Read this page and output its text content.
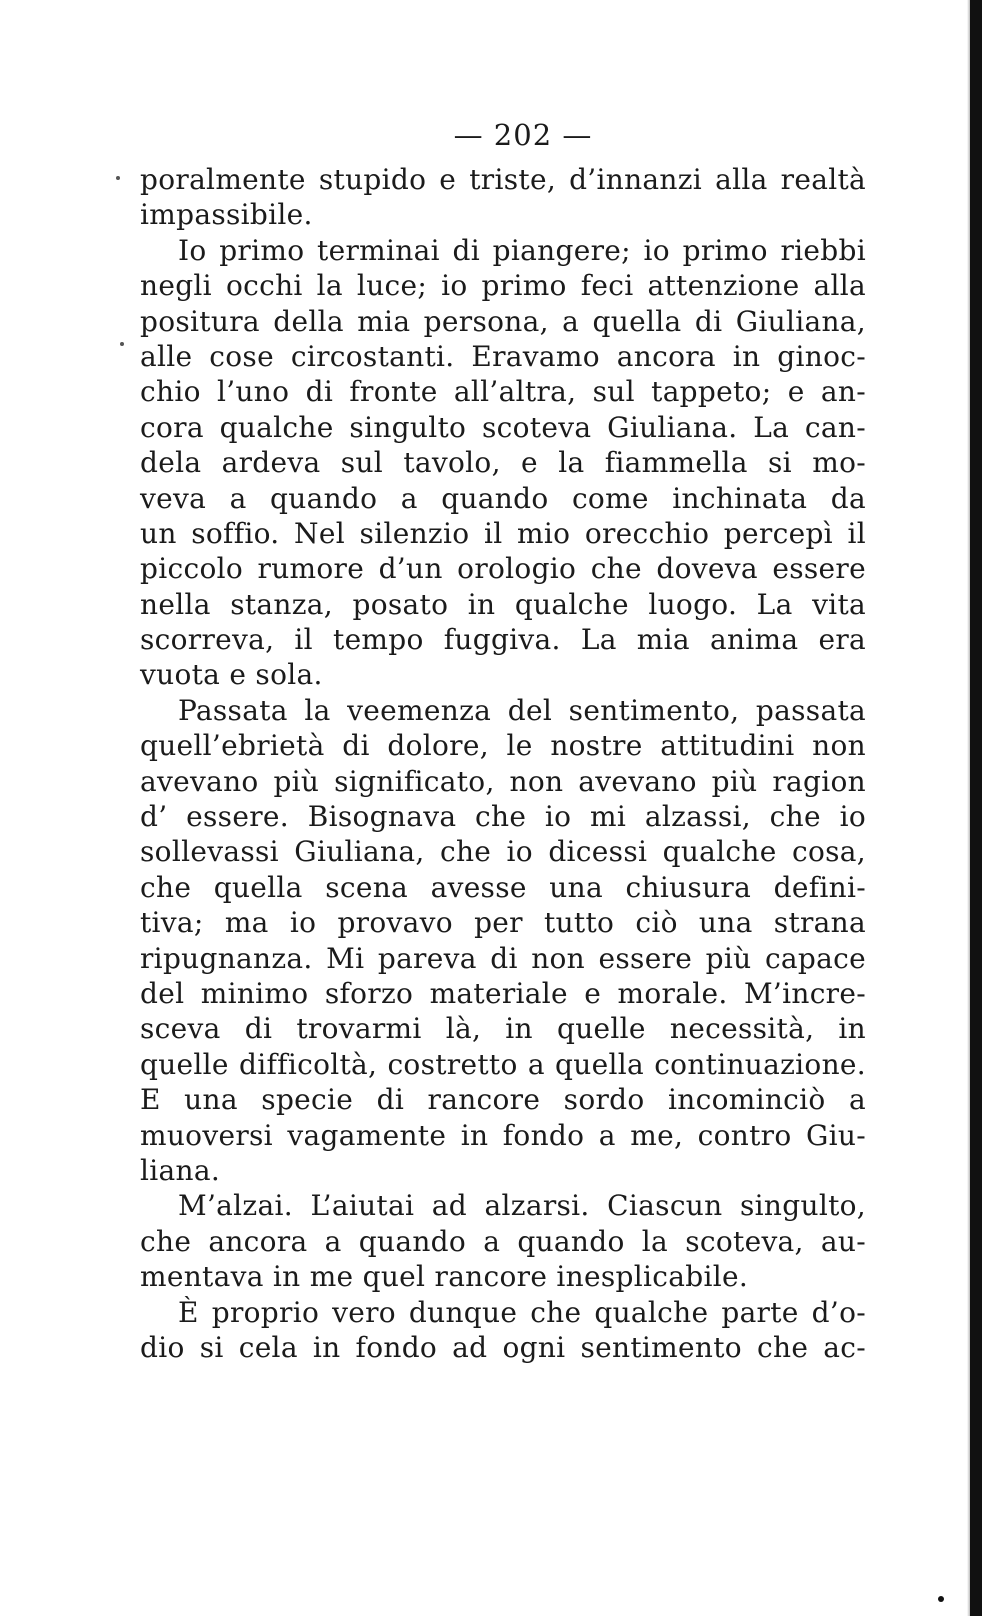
— 202 —
poralmente stupido e triste, d’innanzi alla realtà
impassibile.
Io primo terminai di piangere; io primo riebbi
negli occhi la luce; io primo feci attenzione alla
positura della mia persona, a quella di Giuliana,
alle cose circostanti. Eravamo ancora in ginoc-
chio l’uno di fronte all’altra, sul tappeto; e an-
cora qualche singulto scoteva Giuliana. La can-
dela ardeva sul tavolo, e la fiammella si mo-
veva a quando a quando come inchinata da
un soffio. Nel silenzio il mio orecchio percepì il
piccolo rumore d’un orologio che doveva essere
nella stanza, posato in qualche luogo. La vita
scorreva, il tempo fuggiva. La mia anima era
vuota e sola.
Passata la veemenza del sentimento, passata
quell’ebrietà di dolore, le nostre attitudini non
avevano più significato, non avevano più ragion
d’ essere. Bisognava che io mi alzassi, che io
sollevassi Giuliana, che io dicessi qualche cosa,
che quella scena avesse una chiusura defini-
tiva; ma io provavo per tutto ciò una strana
ripugnanza. Mi pareva di non essere più capace
del minimo sforzo materiale e morale. M’incre-
sceva di trovarmi là, in quelle necessità, in
quelle difficoltà, costretto a quella continuazione.
E una specie di rancore sordo incominciò a
muoversi vagamente in fondo a me, contro Giu-
liana.
M’alzai. L’aiutai ad alzarsi. Ciascun singulto,
che ancora a quando a quando la scoteva, au-
mentava in me quel rancore inesplicabile.
È proprio vero dunque che qualche parte d’o-
dio si cela in fondo ad ogni sentimento che ac-
